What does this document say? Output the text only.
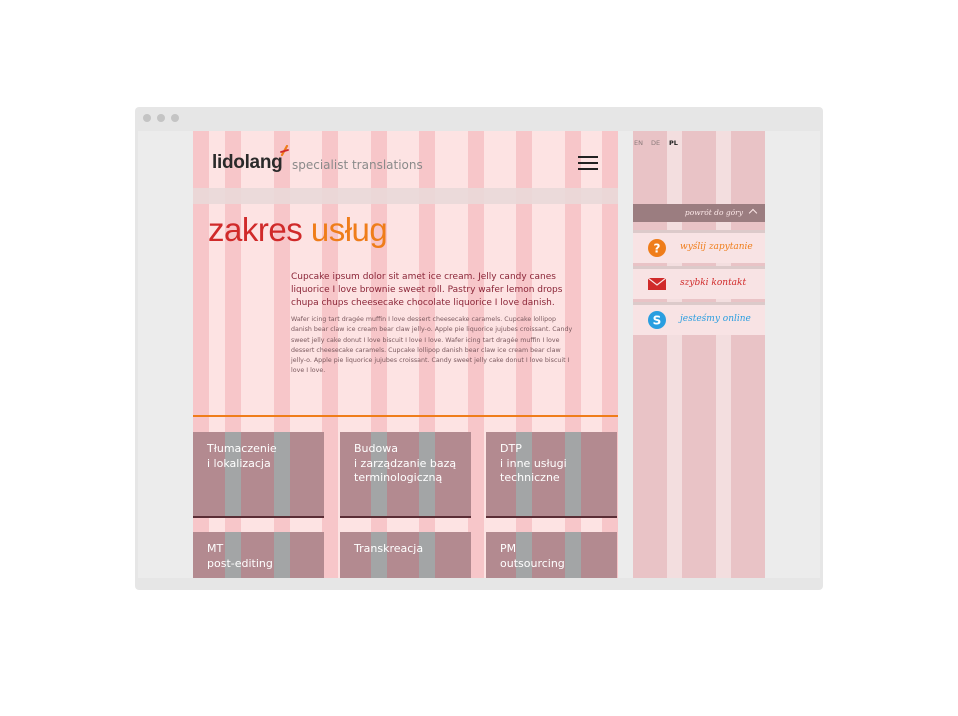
lidolang specialist translations
zakres usług

Cupcake ipsum dolor sit amet ice cream. Jelly candy canes liquorice I love brownie sweet roll. Pastry wafer lemon drops chupa chups cheesecake chocolate liquorice I love danish.

Wafer icing tart dragée muffin I love dessert cheesecake caramels. Cupcake lollipop danish bear claw ice cream bear claw jelly-o. Apple pie liquorice jujubes croissant. Candy sweet jelly cake donut I love biscuit I love I love. Wafer icing tart dragée muffin I love dessert cheesecake caramels. Cupcake lollipop danish bear claw ice cream bear claw jelly-o. Apple pie liquorice jujubes croissant. Candy sweet jelly cake donut I love biscuit I love I love.

Tłumaczenie
i lokalizacja
Budowa
i zarządzanie bazą
terminologiczną
DTP
i inne usługi
techniczne
MT
post-editing
Transkreacja	PM
outsourcing
EN DE PL
powrót do góry
? wyślij zapytanie
szybki kontakt
S jesteśmy online
